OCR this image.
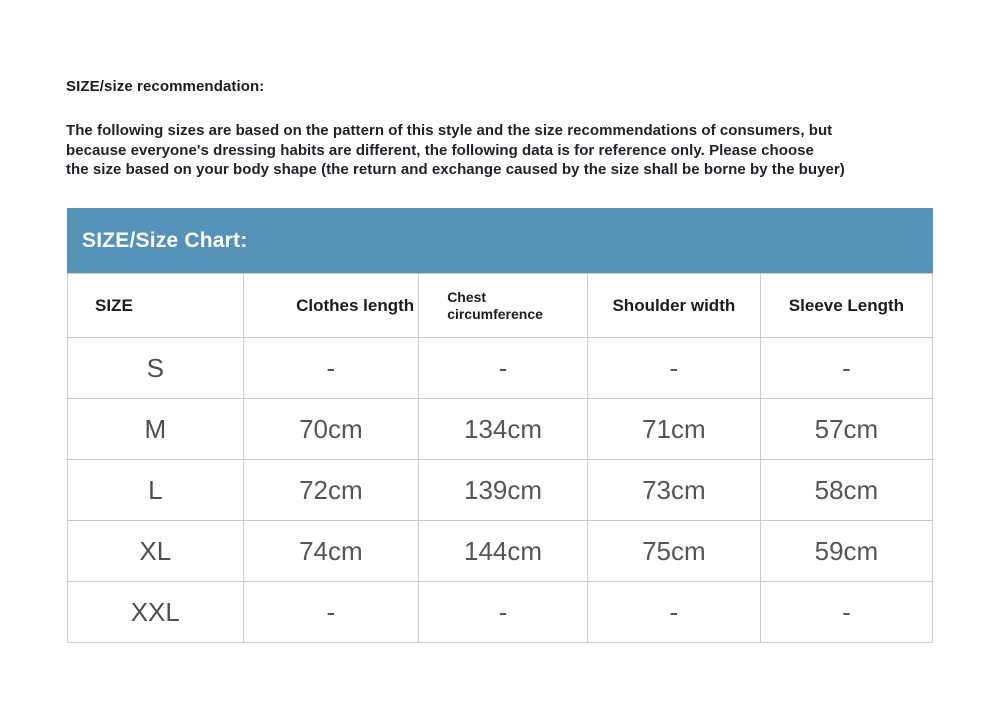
SIZE/size recommendation:
The following sizes are based on the pattern of this style and the size recommendations of consumers, but
because everyone's dressing habits are different, the following data is for reference only. Please choose
the size based on your body shape (the return and exchange caused by the size shall be borne by the buyer)
SIZE/Size Chart:
SIZE	Clothes length	Chest circumference	Shoulder width	Sleeve Length
S	-	-	-	-
M	70cm	134cm	71cm	57cm
L	72cm	139cm	73cm	58cm
XL	74cm	144cm	75cm	59cm
XXL	-	-	-	-
